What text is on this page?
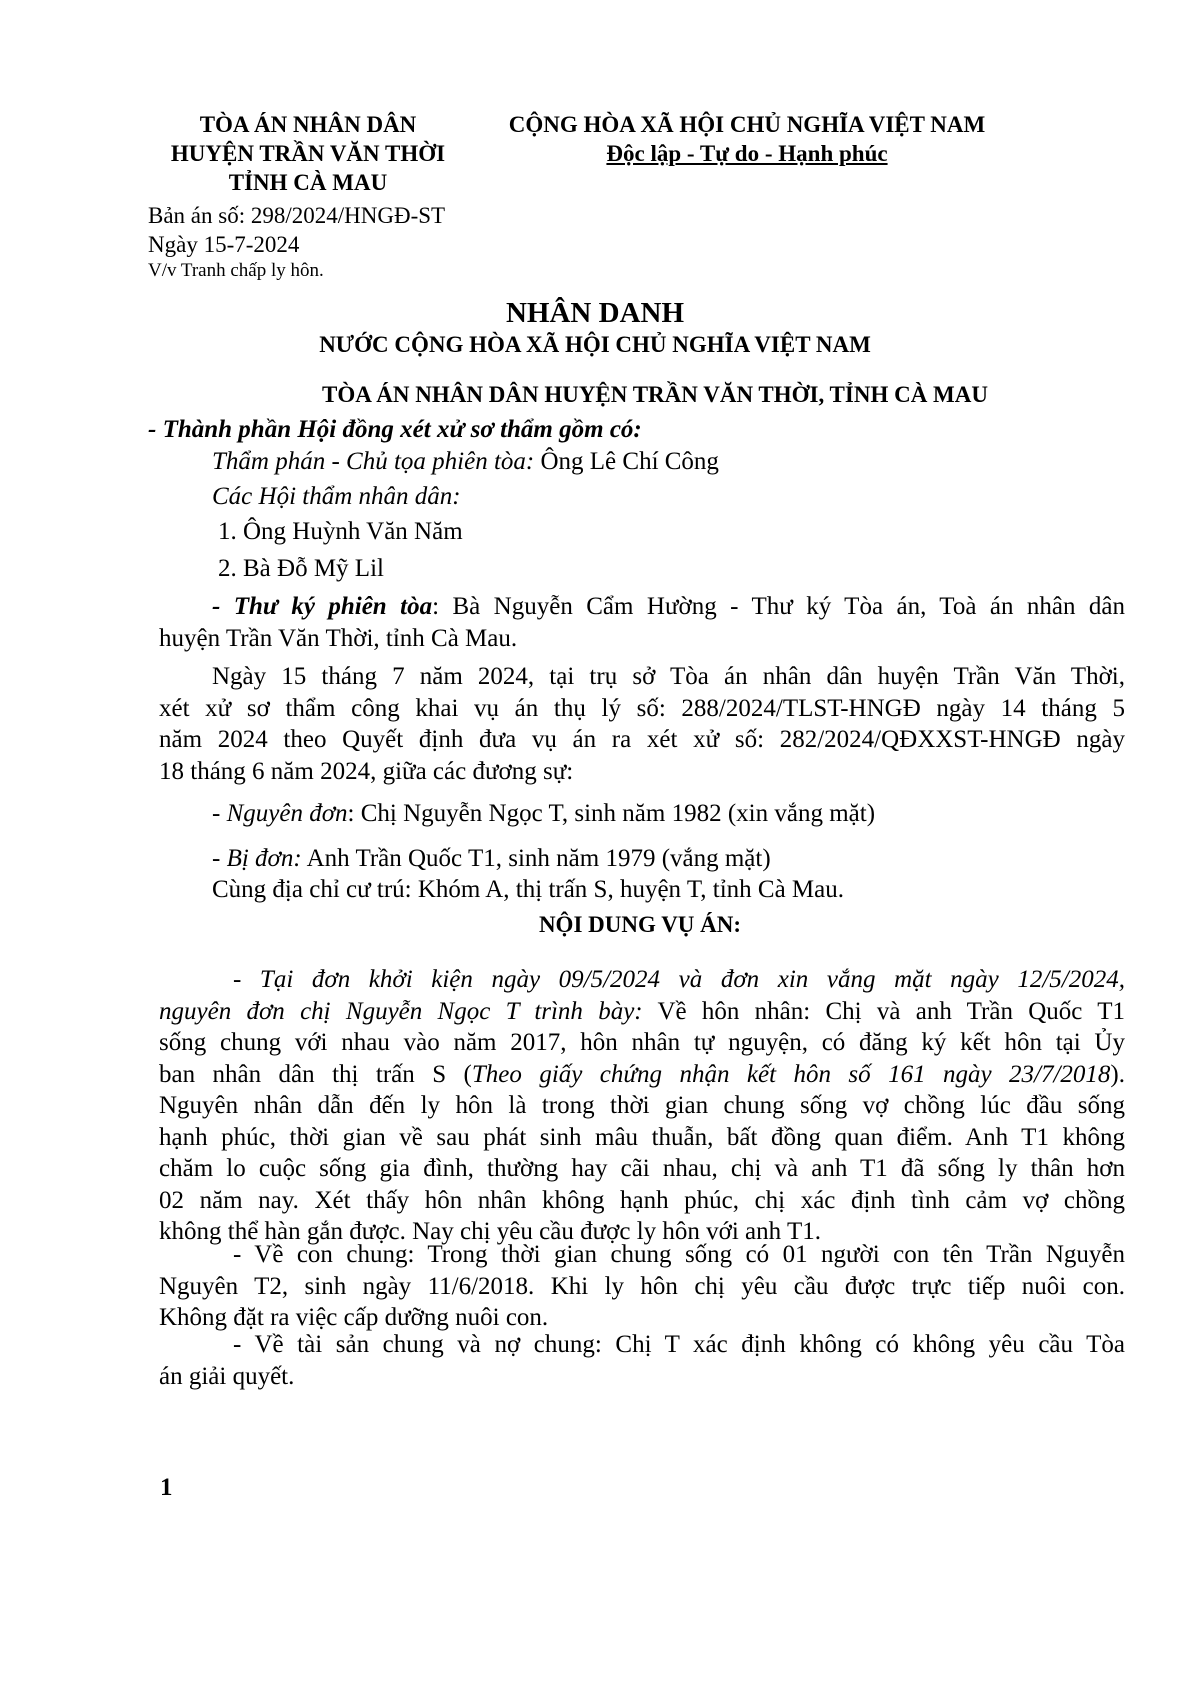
TÒA ÁN NHÂN DÂN
HUYỆN TRẦN VĂN THỜI
TỈNH CÀ MAU
CỘNG HÒA XÃ HỘI CHỦ NGHĨA VIỆT NAM
Độc lập - Tự do - Hạnh phúc
Bản án số: 298/2024/HNGĐ-ST
Ngày 15-7-2024
V/v Tranh chấp ly hôn.
NHÂN DANH
NƯỚC CỘNG HÒA XÃ HỘI CHỦ NGHĨA VIỆT NAM
TÒA ÁN NHÂN DÂN HUYỆN TRẦN VĂN THỜI, TỈNH CÀ MAU
- Thành phần Hội đồng xét xử sơ thẩm gồm có:
Thẩm phán - Chủ tọa phiên tòa: Ông Lê Chí Công
Các Hội thẩm nhân dân:
1. Ông Huỳnh Văn Năm
2. Bà Đỗ Mỹ Lil
- Thư ký phiên tòa: Bà Nguyễn Cẩm Hường - Thư ký Tòa án, Toà án nhân dân
huyện Trần Văn Thời, tỉnh Cà Mau.
Ngày 15 tháng 7 năm 2024, tại trụ sở Tòa án nhân dân huyện Trần Văn Thời,
xét xử sơ thẩm công khai vụ án thụ lý số: 288/2024/TLST-HNGĐ ngày 14 tháng 5
năm 2024 theo Quyết định đưa vụ án ra xét xử số: 282/2024/QĐXXST-HNGĐ ngày
18 tháng 6 năm 2024, giữa các đương sự:
- Nguyên đơn: Chị Nguyễn Ngọc T, sinh năm 1982 (xin vắng mặt)
- Bị đơn: Anh Trần Quốc T1, sinh năm 1979 (vắng mặt)
Cùng địa chỉ cư trú: Khóm A, thị trấn S, huyện T, tỉnh Cà Mau.
NỘI DUNG VỤ ÁN:
- Tại đơn khởi kiện ngày 09/5/2024 và đơn xin vắng mặt ngày 12/5/2024,
nguyên đơn chị Nguyễn Ngọc T trình bày: Về hôn nhân: Chị và anh Trần Quốc T1
sống chung với nhau vào năm 2017, hôn nhân tự nguyện, có đăng ký kết hôn tại Ủy
ban nhân dân thị trấn S (Theo giấy chứng nhận kết hôn số 161 ngày 23/7/2018).
Nguyên nhân dẫn đến ly hôn là trong thời gian chung sống vợ chồng lúc đầu sống
hạnh phúc, thời gian về sau phát sinh mâu thuẫn, bất đồng quan điểm. Anh T1 không
chăm lo cuộc sống gia đình, thường hay cãi nhau, chị và anh T1 đã sống ly thân hơn
02 năm nay. Xét thấy hôn nhân không hạnh phúc, chị xác định tình cảm vợ chồng
không thể hàn gắn được. Nay chị yêu cầu được ly hôn với anh T1.
- Về con chung: Trong thời gian chung sống có 01 người con tên Trần Nguyễn
Nguyên T2, sinh ngày 11/6/2018. Khi ly hôn chị yêu cầu được trực tiếp nuôi con.
Không đặt ra việc cấp dưỡng nuôi con.
- Về tài sản chung và nợ chung: Chị T xác định không có không yêu cầu Tòa
án giải quyết.
1
